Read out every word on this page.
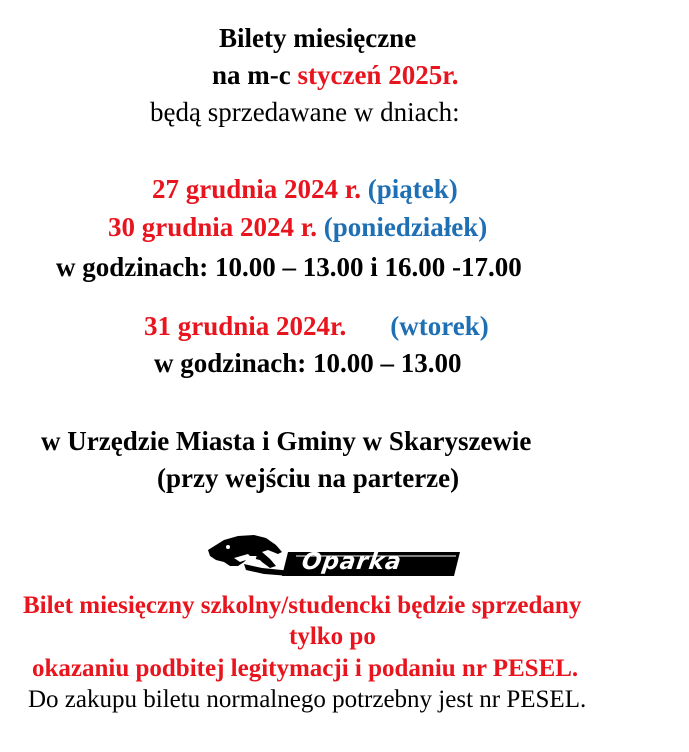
Bilety miesięczne
na m-c styczeń 2025r.
będą sprzedawane w dniach:
27 grudnia 2024 r. (piątek)
30 grudnia 2024 r. (poniedziałek)
w godzinach: 10.00 – 13.00 i 16.00 -17.00
31 grudnia 2024r. (wtorek)
w godzinach: 10.00 – 13.00
w Urzędzie Miasta i Gminy w Skaryszewie
(przy wejściu na parterze)
Oparka
Bilet miesięczny szkolny/studencki będzie sprzedany
tylko po
okazaniu podbitej legitymacji i podaniu nr PESEL.
Do zakupu biletu normalnego potrzebny jest nr PESEL.
